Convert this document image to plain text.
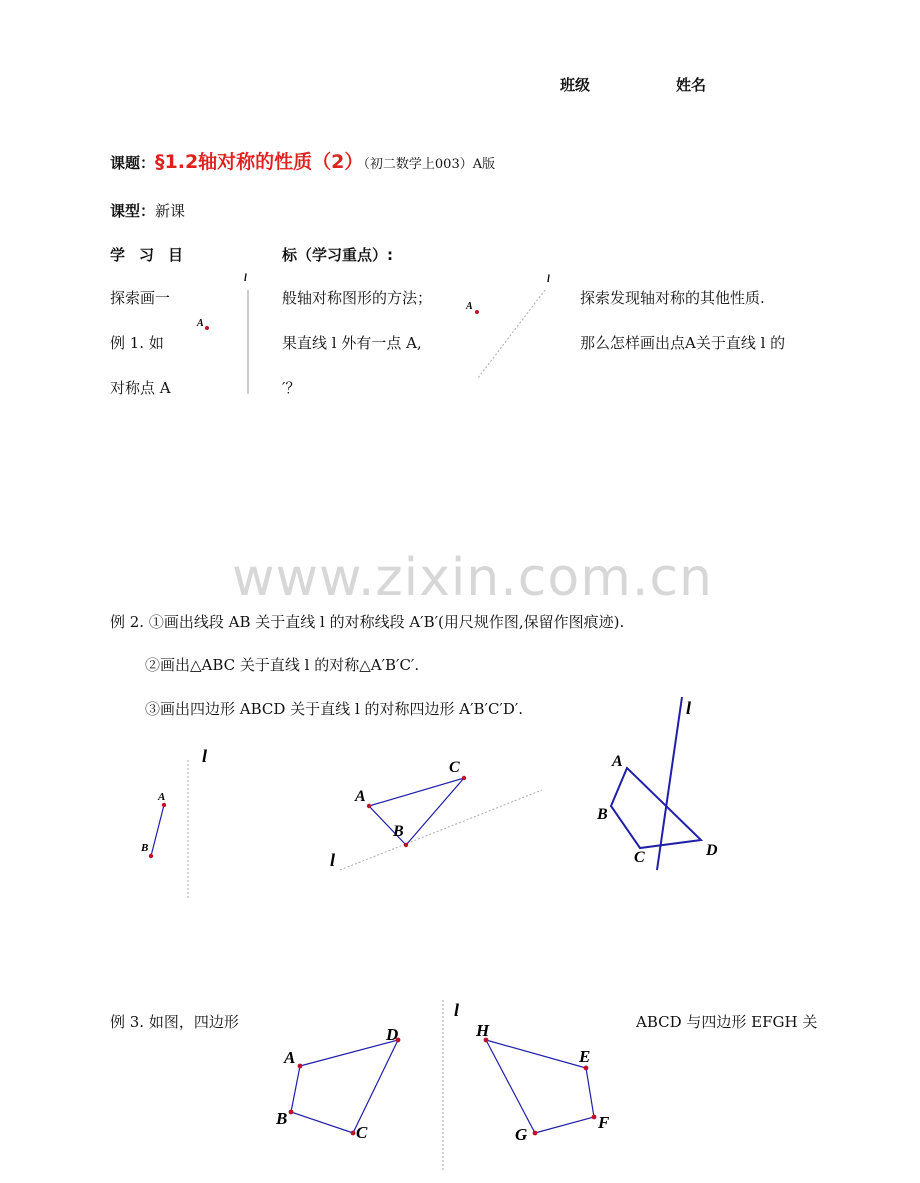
班级	姓名
课题：§1.2轴对称的性质（2）（初二数学上003）A版
课型：新课
学习目	标（学习重点）:
探索画一
例 1. 如
对称点 A
般轴对称图形的方法；
果直线 l 外有一点 A,
′？
探索发现轴对称的其他性质.
那么怎样画出点A关于直线 l 的
www.zixin.com.cn
例 2. ①画出线段 AB 关于直线 l 的对称线段 A′B′(用尺规作图,保留作图痕迹).
②画出△ABC 关于直线 l 的对称△A′B′C′.
③画出四边形 ABCD 关于直线 l 的对称四边形 A′B′C′D′.
例 3. 如图，四边形	ABCD 与四边形 EFGH 关
l
A
l
A
l
A
B
l
A
C
B
l
A
B
C	D
l
A
D
C
B
H
E
F
G
